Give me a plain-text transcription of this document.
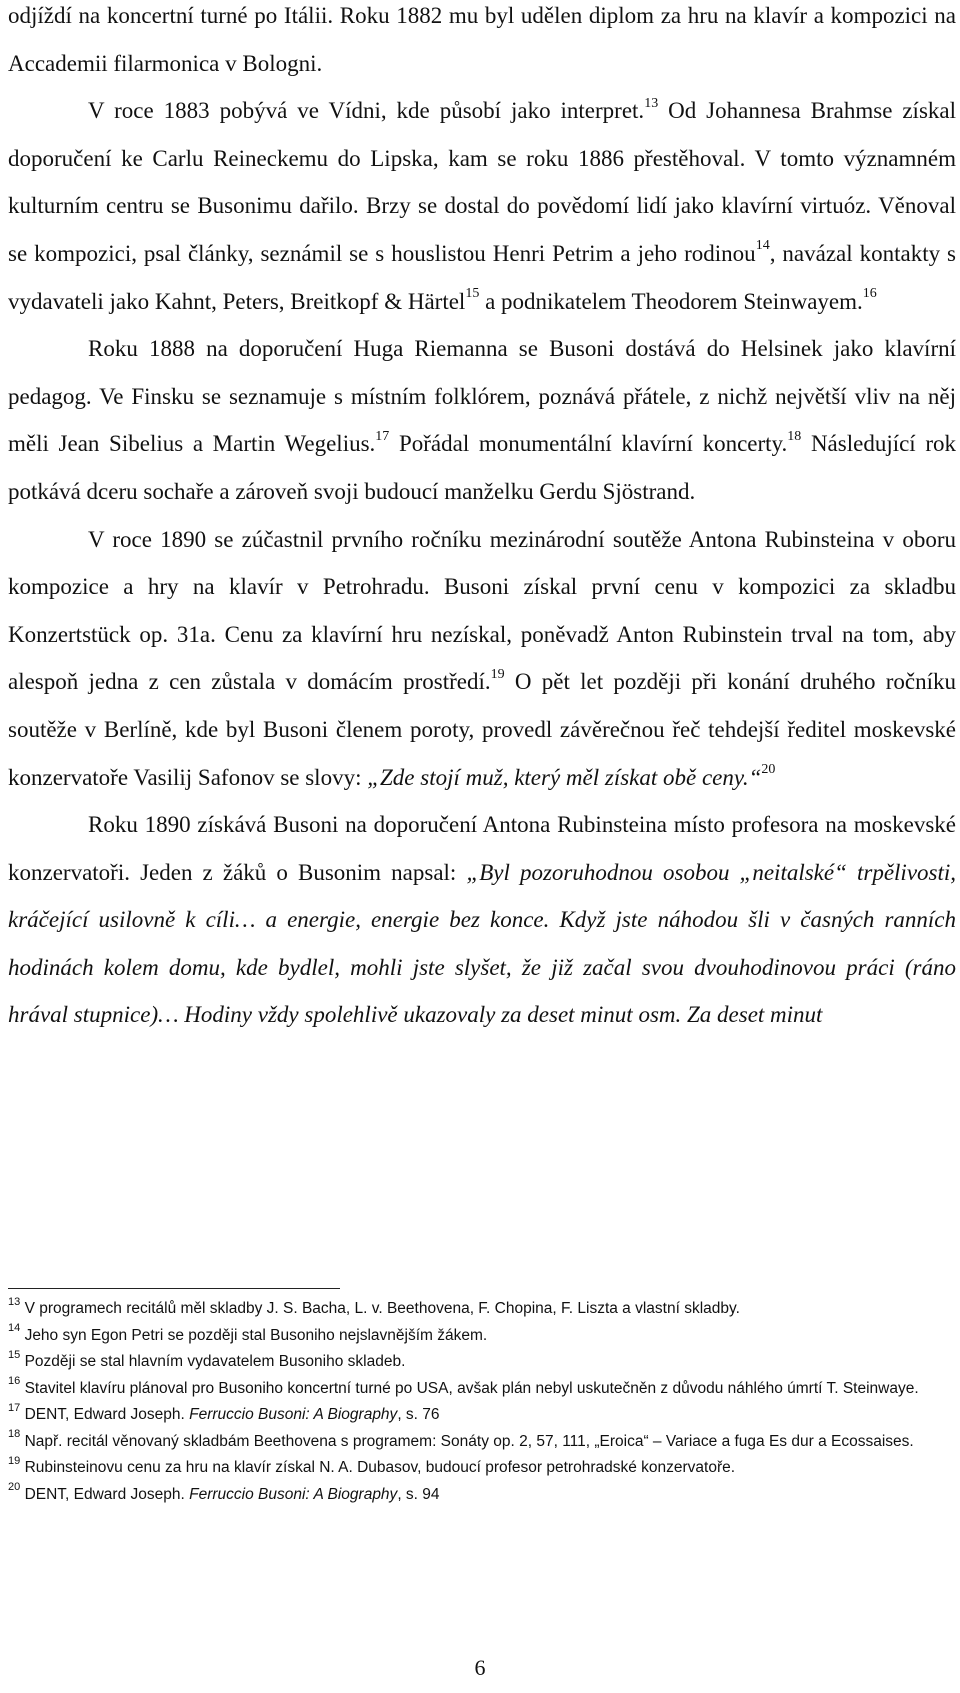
odjíždí na koncertní turné po Itálii. Roku 1882 mu byl udělen diplom za hru na klavír a kompozici na Accademii filarmonica v Bologni.

V roce 1883 pobývá ve Vídni, kde působí jako interpret.$^{13}$ Od Johannesa Brahmse získal doporučení ke Carlu Reineckemu do Lipska, kam se roku 1886 přestěhoval. V tomto významném kulturním centru se Busonimu dařilo. Brzy se dostal do povědomí lidí jako klavírní virtuóz. Věnoval se kompozici, psal články, seznámil se s houslistou Henri Petrim a jeho rodinou$^{14}$, navázal kontakty s vydavateli jako Kahnt, Peters, Breitkopf & Härtel$^{15}$ a podnikatelem Theodorem Steinwayem.$^{16}$

Roku 1888 na doporučení Huga Riemanna se Busoni dostává do Helsinek jako klavírní pedagog. Ve Finsku se seznamuje s místním folklórem, poznává přátele, z nichž největší vliv na něj měli Jean Sibelius a Martin Wegelius.$^{17}$ Pořádal monumentální klavírní koncerty.$^{18}$ Následující rok potkává dceru sochaře a zároveň svoji budoucí manželku Gerdu Sjöstrand.

V roce 1890 se zúčastnil prvního ročníku mezinárodní soutěže Antona Rubinsteina v oboru kompozice a hry na klavír v Petrohradu. Busoni získal první cenu v kompozici za skladbu Konzertstück op. 31a. Cenu za klavírní hru nezískal, poněvadž Anton Rubinstein trval na tom, aby alespoň jedna z cen zůstala v domácím prostředí.$^{19}$ O pět let později při konání druhého ročníku soutěže v Berlíně, kde byl Busoni členem poroty, provedl závěrečnou řeč tehdejší ředitel moskevské konzervatoře Vasilij Safonov se slovy: „Zde stojí muž, který měl získat obě ceny.“$^{20}$

Roku 1890 získává Busoni na doporučení Antona Rubinsteina místo profesora na moskevské konzervatoři. Jeden z žáků o Busonim napsal: „Byl pozoruhodnou osobou „neitalské“ trpělivosti, kráčející usilovně k cíli… a energie, energie bez konce. Když jste náhodou šli v časných ranních hodinách kolem domu, kde bydlel, mohli jste slyšet, že již začal svou dvouhodinovou práci (ráno hrával stupnice)… Hodiny vždy spolehlivě ukazovaly za deset minut osm. Za deset minut

$^{13}$ V programech recitálů měl skladby J. S. Bacha, L. v. Beethovena, F. Chopina, F. Liszta a vlastní skladby.
$^{14}$ Jeho syn Egon Petri se později stal Busoniho nejslavnějším žákem.
$^{15}$ Později se stal hlavním vydavatelem Busoniho skladeb.
$^{16}$ Stavitel klavíru plánoval pro Busoniho koncertní turné po USA, avšak plán nebyl uskutečněn z důvodu náhlého úmrtí T. Steinwaye.
$^{17}$ DENT, Edward Joseph. Ferruccio Busoni: A Biography, s. 76
$^{18}$ Např. recitál věnovaný skladbám Beethovena s programem: Sonáty op. 2, 57, 111, „Eroica“ – Variace a fuga Es dur a Ecossaises.
$^{19}$ Rubinsteinovu cenu za hru na klavír získal N. A. Dubasov, budoucí profesor petrohradské konzervatoře.
$^{20}$ DENT, Edward Joseph. Ferruccio Busoni: A Biography, s. 94
6
